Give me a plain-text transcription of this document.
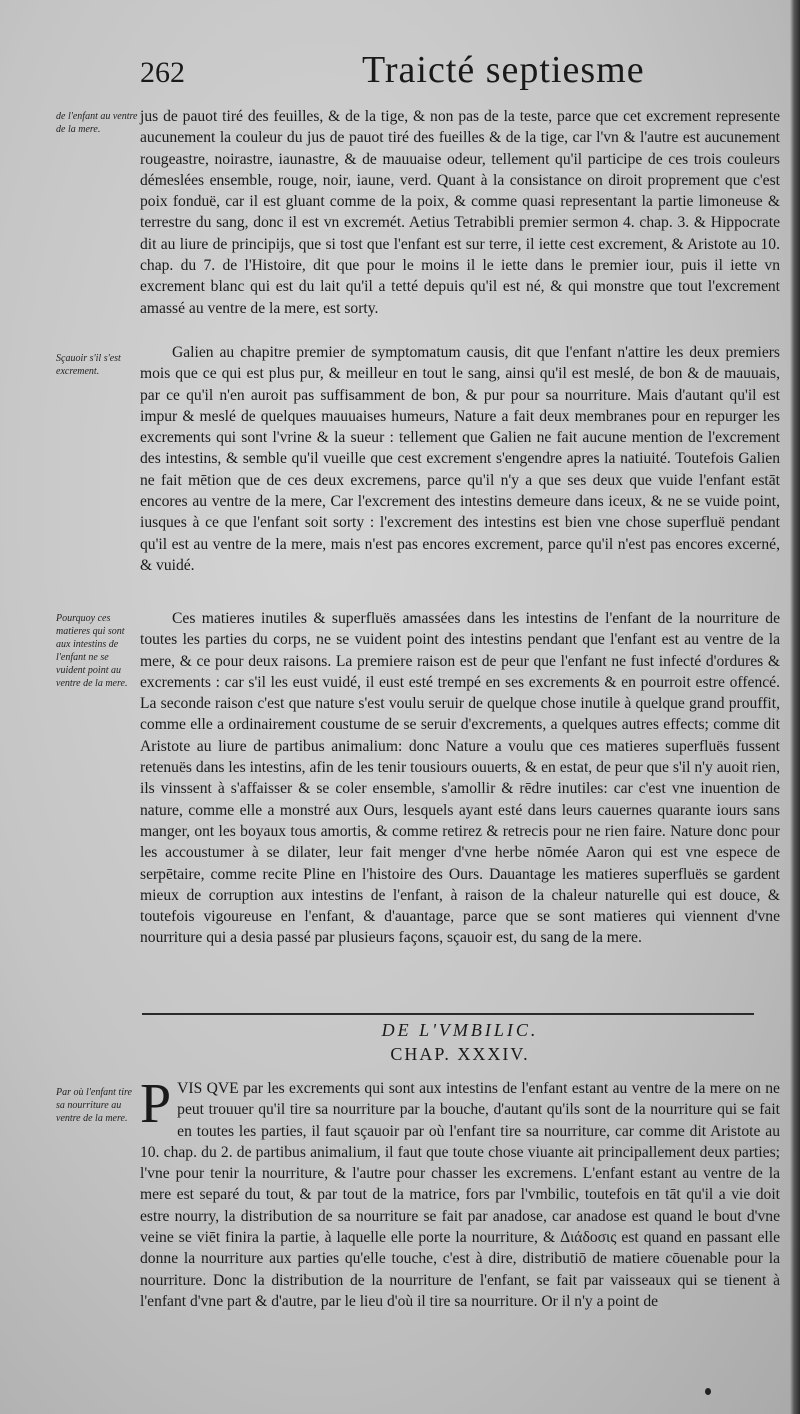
262	Traicté septiesme
de l'enfant au ventre de la mere.
Sçauoir s'il s'est excrement.
Pourquoy ces matieres qui sont aux intestins de l'enfant ne se vuident point au ventre de la mere.
Par où l'enfant tire sa nourriture au ventre de la mere.

jus de pauot tiré des feuilles, & de la tige, & non pas de la teste, parce que cet excrement represente aucunement la couleur du jus de pauot tiré des fueilles & de la tige, car l'vn & l'autre est aucunement rougeastre, noirastre, iaunastre, & de mauuaise odeur, tellement qu'il participe de ces trois couleurs démeslées ensemble, rouge, noir, iaune, verd. Quant à la consistance on diroit proprement que c'est poix fonduë, car il est gluant comme de la poix, & comme quasi representant la partie limoneuse & terrestre du sang, donc il est vn excremét. Aetius Tetrabibli premier sermon 4. chap. 3. & Hippocrate dit au liure de principijs, que si tost que l'enfant est sur terre, il iette cest excrement, & Aristote au 10. chap. du 7. de l'Histoire, dit que pour le moins il le iette dans le premier iour, puis il iette vn excrement blanc qui est du lait qu'il a tetté depuis qu'il est né, & qui monstre que tout l'excrement amassé au ventre de la mere, est sorty.

Galien au chapitre premier de symptomatum causis, dit que l'enfant n'attire les deux premiers mois que ce qui est plus pur, & meilleur en tout le sang, ainsi qu'il est meslé, de bon & de mauuais, par ce qu'il n'en auroit pas suffisamment de bon, & pur pour sa nourriture. Mais d'autant qu'il est impur & meslé de quelques mauuaises humeurs, Nature a fait deux membranes pour en repurger les excrements qui sont l'vrine & la sueur : tellement que Galien ne fait aucune mention de l'excrement des intestins, & semble qu'il vueille que cest excrement s'engendre apres la natiuité. Toutefois Galien ne fait mētion que de ces deux excremens, parce qu'il n'y a que ses deux que vuide l'enfant estāt encores au ventre de la mere, Car l'excrement des intestins demeure dans iceux, & ne se vuide point, iusques à ce que l'enfant soit sorty : l'excrement des intestins est bien vne chose superfluë pendant qu'il est au ventre de la mere, mais n'est pas encores excrement, parce qu'il n'est pas encores excerné, & vuidé.

Ces matieres inutiles & superfluës amassées dans les intestins de l'enfant de la nourriture de toutes les parties du corps, ne se vuident point des intestins pendant que l'enfant est au ventre de la mere, & ce pour deux raisons. La premiere raison est de peur que l'enfant ne fust infecté d'ordures & excrements : car s'il les eust vuidé, il eust esté trempé en ses excrements & en pourroit estre offencé. La seconde raison c'est que nature s'est voulu seruir de quelque chose inutile à quelque grand prouffit, comme elle a ordinairement coustume de se seruir d'excrements, a quelques autres effects; comme dit Aristote au liure de partibus animalium: donc Nature a voulu que ces matieres superfluës fussent retenuës dans les intestins, afin de les tenir tousiours ouuerts, & en estat, de peur que s'il n'y auoit rien, ils vinssent à s'affaisser & se coler ensemble, s'amollir & rēdre inutiles: car c'est vne inuention de nature, comme elle a monstré aux Ours, lesquels ayant esté dans leurs cauernes quarante iours sans manger, ont les boyaux tous amortis, & comme retirez & retrecis pour ne rien faire. Nature donc pour les accoustumer à se dilater, leur fait menger d'vne herbe nōmée Aaron qui est vne espece de serpētaire, comme recite Pline en l'histoire des Ours. Dauantage les matieres superfluës se gardent mieux de corruption aux intestins de l'enfant, à raison de la chaleur naturelle qui est douce, & toutefois vigoureuse en l'enfant, & d'auantage, parce que se sont matieres qui viennent d'vne nourriture qui a desia passé par plusieurs façons, sçauoir est, du sang de la mere.

DE L'VMBILIC.
CHAP. XXXIV.

PVIS QVE par les excrements qui sont aux intestins de l'enfant estant au ventre de la mere on ne peut trouuer qu'il tire sa nourriture par la bouche, d'autant qu'ils sont de la nourriture qui se fait en toutes les parties, il faut sçauoir par où l'enfant tire sa nourriture, car comme dit Aristote au 10. chap. du 2. de partibus animalium, il faut que toute chose viuante ait principallement deux parties; l'vne pour tenir la nourriture, & l'autre pour chasser les excremens. L'enfant estant au ventre de la mere est separé du tout, & par tout de la matrice, fors par l'vmbilic, toutefois en tāt qu'il a vie doit estre nourry, la distribution de sa nourriture se fait par anadose, car anadose est quand le bout d'vne veine se viēt finira la partie, à laquelle elle porte la nourriture, & Διάδοσις est quand en passant elle donne la nourriture aux parties qu'elle touche, c'est à dire, distributiō de matiere cōuenable pour la nourriture. Donc la distribution de la nourriture de l'enfant, se fait par vaisseaux qui se tienent à l'enfant d'vne part & d'autre, par le lieu d'où il tire sa nourriture. Or il n'y a point de
